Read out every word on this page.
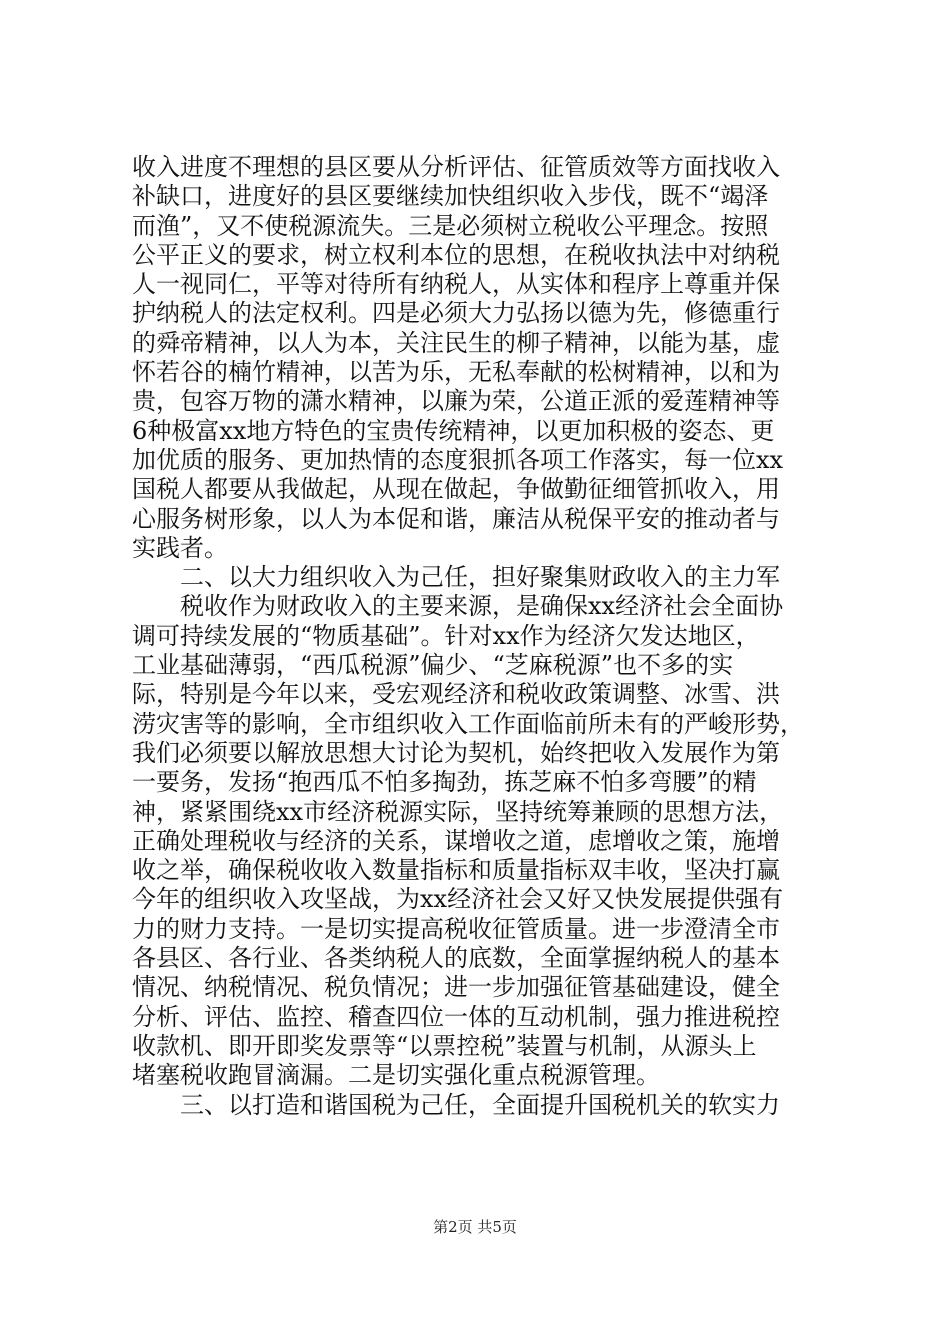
收入进度不理想的县区要从分析评估、征管质效等方面找收入
补缺口，进度好的县区要继续加快组织收入步伐，既不“竭泽
而渔”，又不使税源流失。三是必须树立税收公平理念。按照
公平正义的要求，树立权利本位的思想，在税收执法中对纳税
人一视同仁，平等对待所有纳税人，从实体和程序上尊重并保
护纳税人的法定权利。四是必须大力弘扬以德为先，修德重行
的舜帝精神，以人为本，关注民生的柳子精神，以能为基，虚
怀若谷的楠竹精神，以苦为乐，无私奉献的松树精神，以和为
贵，包容万物的潇水精神，以廉为荣，公道正派的爱莲精神等
6种极富xx地方特色的宝贵传统精神，以更加积极的姿态、更
加优质的服务、更加热情的态度狠抓各项工作落实，每一位xx
国税人都要从我做起，从现在做起，争做勤征细管抓收入，用
心服务树形象，以人为本促和谐，廉洁从税保平安的推动者与
实践者。
　　二、以大力组织收入为己任，担好聚集财政收入的主力军
　　税收作为财政收入的主要来源，是确保xx经济社会全面协
调可持续发展的“物质基础”。针对xx作为经济欠发达地区，
工业基础薄弱，“西瓜税源”偏少、“芝麻税源”也不多的实
际，特别是今年以来，受宏观经济和税收政策调整、冰雪、洪
涝灾害等的影响，全市组织收入工作面临前所未有的严峻形势，
我们必须要以解放思想大讨论为契机，始终把收入发展作为第
一要务，发扬“抱西瓜不怕多掏劲，拣芝麻不怕多弯腰”的精
神，紧紧围绕xx市经济税源实际，坚持统筹兼顾的思想方法，
正确处理税收与经济的关系，谋增收之道，虑增收之策，施增
收之举，确保税收收入数量指标和质量指标双丰收，坚决打赢
今年的组织收入攻坚战，为xx经济社会又好又快发展提供强有
力的财力支持。一是切实提高税收征管质量。进一步澄清全市
各县区、各行业、各类纳税人的底数，全面掌握纳税人的基本
情况、纳税情况、税负情况；进一步加强征管基础建设，健全
分析、评估、监控、稽查四位一体的互动机制，强力推进税控
收款机、即开即奖发票等“以票控税”装置与机制，从源头上
堵塞税收跑冒滴漏。二是切实强化重点税源管理。
　　三、以打造和谐国税为己任，全面提升国税机关的软实力
第2页 共5页
